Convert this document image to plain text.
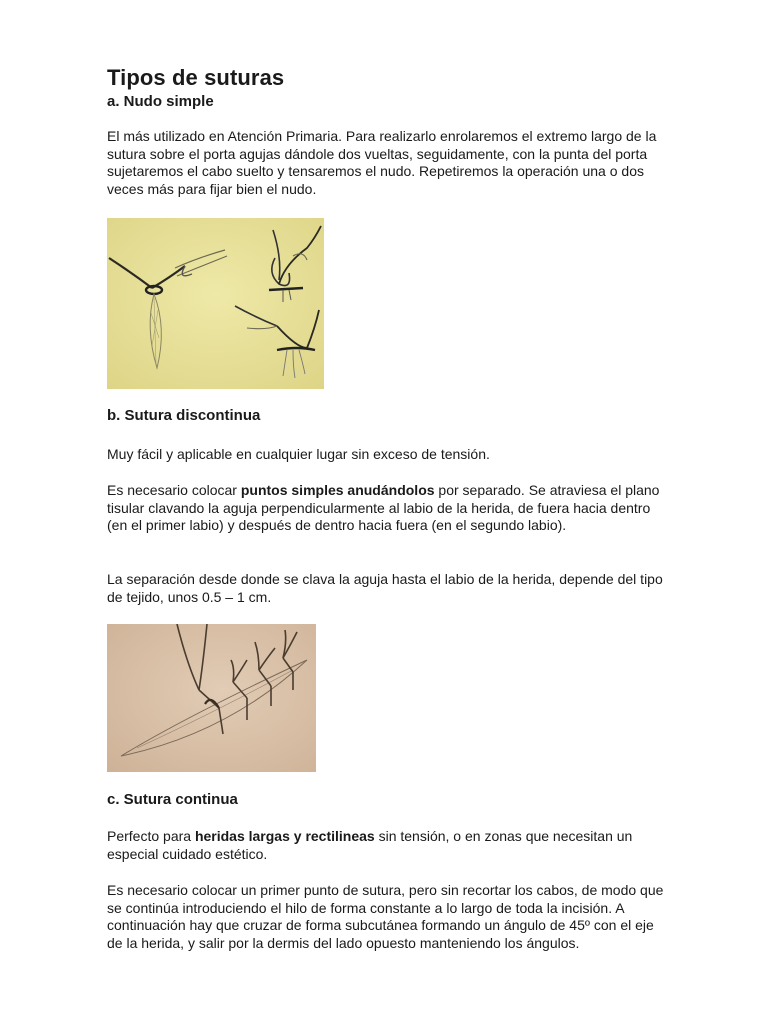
Tipos de suturas
a. Nudo simple

El más utilizado en Atención Primaria. Para realizarlo enrolaremos el extremo largo de la sutura sobre el porta agujas dándole dos vueltas, seguidamente, con la punta del porta sujetaremos el cabo suelto y tensaremos el nudo. Repetiremos la operación una o dos veces más para fijar bien el nudo.

b. Sutura discontinua

Muy fácil y aplicable en cualquier lugar sin exceso de tensión.

Es necesario colocar puntos simples anudándolos por separado. Se atraviesa el plano tisular clavando la aguja perpendicularmente al labio de la herida, de fuera hacia dentro (en el primer labio) y después de dentro hacia fuera (en el segundo labio).

La separación desde donde se clava la aguja hasta el labio de la herida, depende del tipo de tejido, unos 0.5 – 1 cm.

c. Sutura continua

Perfecto para heridas largas y rectilineas sin tensión, o en zonas que necesitan un especial cuidado estético.

Es necesario colocar un primer punto de sutura, pero sin recortar los cabos, de modo que se continúa introduciendo el hilo de forma constante a lo largo de toda la incisión. A continuación hay que cruzar de forma subcutánea formando un ángulo de 45º con el eje de la herida, y salir por la dermis del lado opuesto manteniendo los ángulos.
